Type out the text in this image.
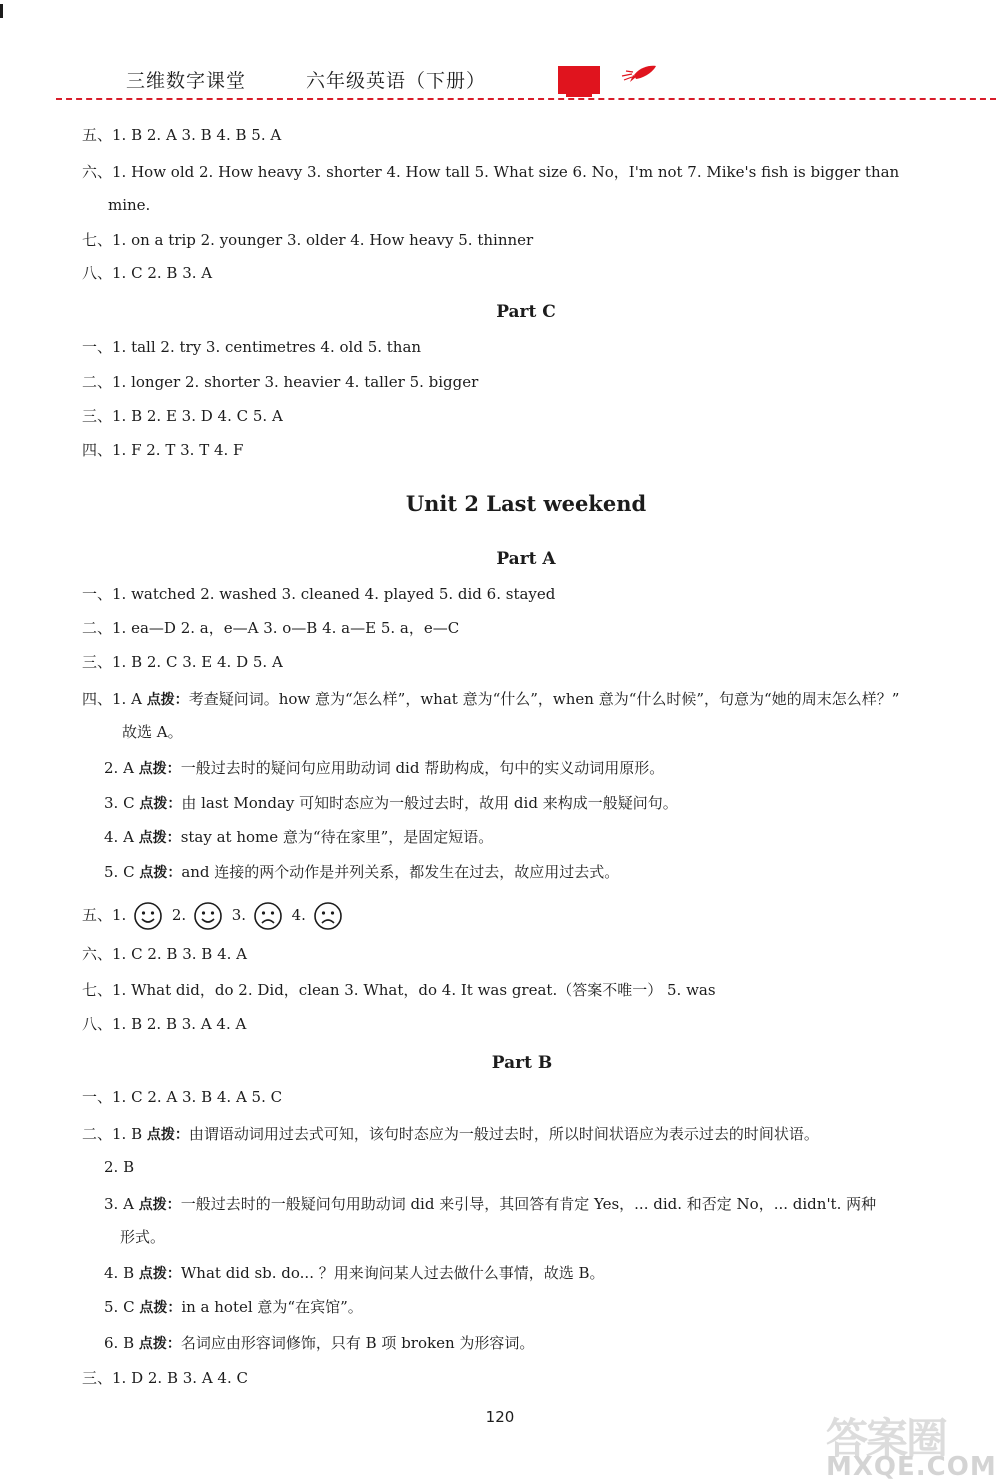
三维数字课堂	六年级英语（下册）
五、1. B 2. A 3. B 4. B 5. A
六、1. How old 2. How heavy 3. shorter 4. How tall 5. What size 6. No，I'm not 7. Mike's fish is bigger than
mine.
七、1. on a trip 2. younger 3. older 4. How heavy 5. thinner
八、1. C 2. B 3. A
Part C
一、1. tall 2. try 3. centimetres 4. old 5. than
二、1. longer 2. shorter 3. heavier 4. taller 5. bigger
三、1. B 2. E 3. D 4. C 5. A
四、1. F 2. T 3. T 4. F
Unit 2 Last weekend
Part A
一、1. watched 2. washed 3. cleaned 4. played 5. did 6. stayed
二、1. ea—D 2. a，e—A 3. o—B 4. a—E 5. a，e—C
三、1. B 2. C 3. E 4. D 5. A
四、1. A 点拨：考查疑问词。how 意为“怎么样”，what 意为“什么”，when 意为“什么时候”，句意为“她的周末怎么样？”
故选 A。
2. A 点拨：一般过去时的疑问句应用助动词 did 帮助构成，句中的实义动词用原形。
3. C 点拨：由 last Monday 可知时态应为一般过去时，故用 did 来构成一般疑问句。
4. A 点拨：stay at home 意为“待在家里”，是固定短语。
5. C 点拨：and 连接的两个动作是并列关系，都发生在过去，故应用过去式。
五、1.	2.	3.	4.
六、1. C 2. B 3. B 4. A
七、1. What did，do 2. Did，clean 3. What，do 4. It was great.（答案不唯一） 5. was
八、1. B 2. B 3. A 4. A
Part B
一、1. C 2. A 3. B 4. A 5. C
二、1. B 点拨：由谓语动词用过去式可知，该句时态应为一般过去时，所以时间状语应为表示过去的时间状语。
2. B
3. A 点拨：一般过去时的一般疑问句用助动词 did 来引导，其回答有肯定 Yes，... did. 和否定 No，... didn't. 两种
形式。
4. B 点拨：What did sb. do... ？用来询问某人过去做什么事情，故选 B。
5. C 点拨：in a hotel 意为“在宾馆”。
6. B 点拨：名词应由形容词修饰，只有 B 项 broken 为形容词。
三、1. D 2. B 3. A 4. C
120	答案圈
MXQE.COM
